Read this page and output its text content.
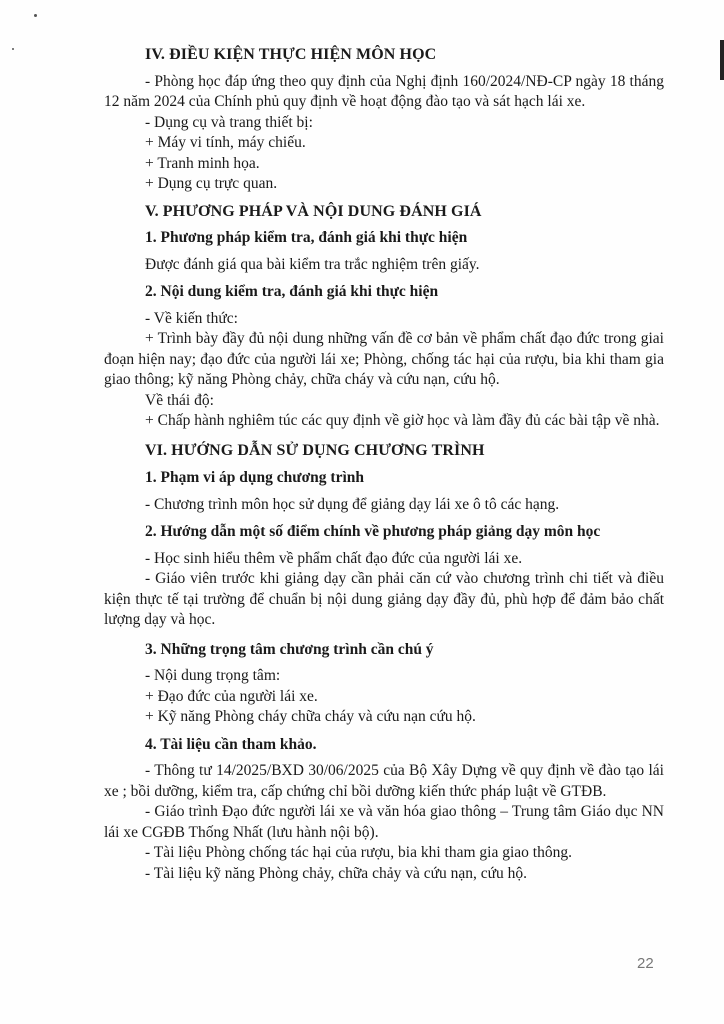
IV. ĐIỀU KIỆN THỰC HIỆN MÔN HỌC

- Phòng học đáp ứng theo quy định của Nghị định 160/2024/NĐ-CP ngày 18 tháng 12 năm 2024 của Chính phủ quy định về hoạt động đào tạo và sát hạch lái xe.

- Dụng cụ và trang thiết bị:

+ Máy vi tính, máy chiếu.

+ Tranh minh họa.

+ Dụng cụ trực quan.

V. PHƯƠNG PHÁP VÀ NỘI DUNG ĐÁNH GIÁ

1. Phương pháp kiểm tra, đánh giá khi thực hiện

Được đánh giá qua bài kiểm tra trắc nghiệm trên giấy.

2. Nội dung kiểm tra, đánh giá khi thực hiện

- Về kiến thức:

+ Trình bày đầy đủ nội dung những vấn đề cơ bản về phẩm chất đạo đức trong giai đoạn hiện nay; đạo đức của người lái xe; Phòng, chống tác hại của rượu, bia khi tham gia giao thông; kỹ năng Phòng chảy, chữa cháy và cứu nạn, cứu hộ.

Về thái độ:

+ Chấp hành nghiêm túc các quy định về giờ học và làm đầy đủ các bài tập về nhà.

VI. HƯỚNG DẪN SỬ DỤNG CHƯƠNG TRÌNH

1. Phạm vi áp dụng chương trình

- Chương trình môn học sử dụng để giảng dạy lái xe ô tô các hạng.

2. Hướng dẫn một số điểm chính về phương pháp giảng dạy môn học

- Học sinh hiểu thêm về phẩm chất đạo đức của người lái xe.

- Giáo viên trước khi giảng dạy cần phải căn cứ vào chương trình chi tiết và điều kiện thực tế tại trường để chuẩn bị nội dung giảng dạy đầy đủ, phù hợp để đảm bảo chất lượng dạy và học.

3. Những trọng tâm chương trình cần chú ý

- Nội dung trọng tâm:

+ Đạo đức của người lái xe.

+ Kỹ năng Phòng cháy chữa cháy và cứu nạn cứu hộ.

4. Tài liệu cần tham khảo.

- Thông tư 14/2025/BXD 30/06/2025 của Bộ Xây Dựng về quy định về đào tạo lái xe ; bồi dưỡng, kiểm tra, cấp chứng chỉ bồi dưỡng kiến thức pháp luật về GTĐB.

- Giáo trình Đạo đức người lái xe và văn hóa giao thông – Trung tâm Giáo dục NN lái xe CGĐB Thống Nhất (lưu hành nội bộ).

- Tài liệu Phòng chống tác hại của rượu, bia khi tham gia giao thông.

- Tài liệu kỹ năng Phòng chảy, chữa chảy và cứu nạn, cứu hộ.

22
